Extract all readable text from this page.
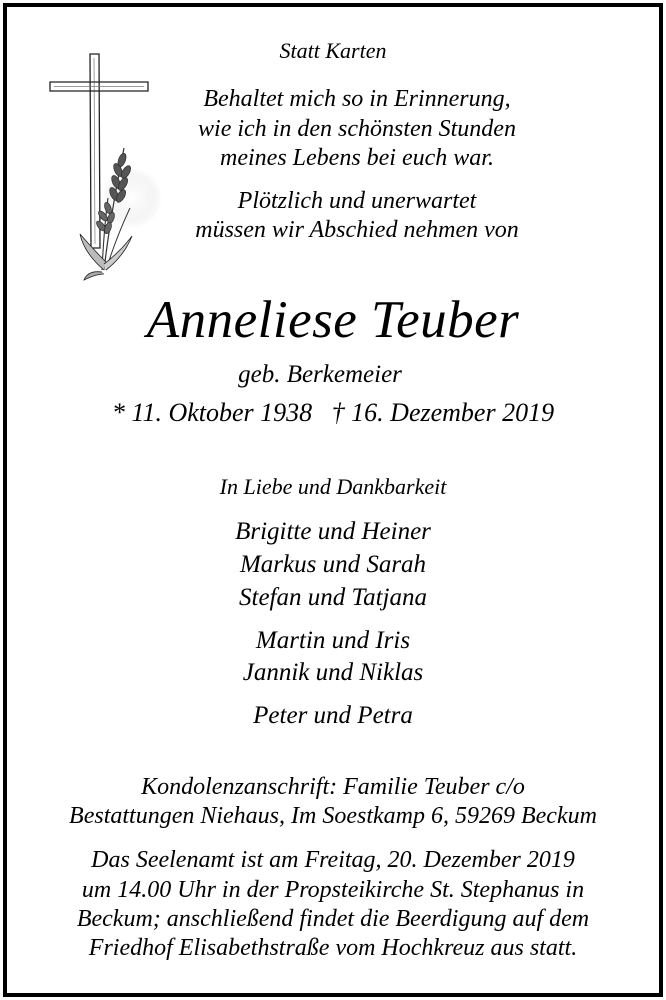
Statt Karten

Behaltet mich so in Erinnerung,

wie ich in den schönsten Stunden

meines Lebens bei euch war.

Plötzlich und unerwartet

müssen wir Abschied nehmen von

Anneliese Teuber

geb. Berkemeier

* 11. Oktober 1938   † 16. Dezember 2019

In Liebe und Dankbarkeit

Brigitte und Heiner

Markus und Sarah

Stefan und Tatjana

Martin und Iris

Jannik und Niklas

Peter und Petra

Kondolenzanschrift: Familie Teuber c/o

Bestattungen Niehaus, Im Soestkamp 6, 59269 Beckum

Das Seelenamt ist am Freitag, 20. Dezember 2019

um 14.00 Uhr in der Propsteikirche St. Stephanus in

Beckum; anschließend findet die Beerdigung auf dem

Friedhof Elisabethstraße vom Hochkreuz aus statt.
